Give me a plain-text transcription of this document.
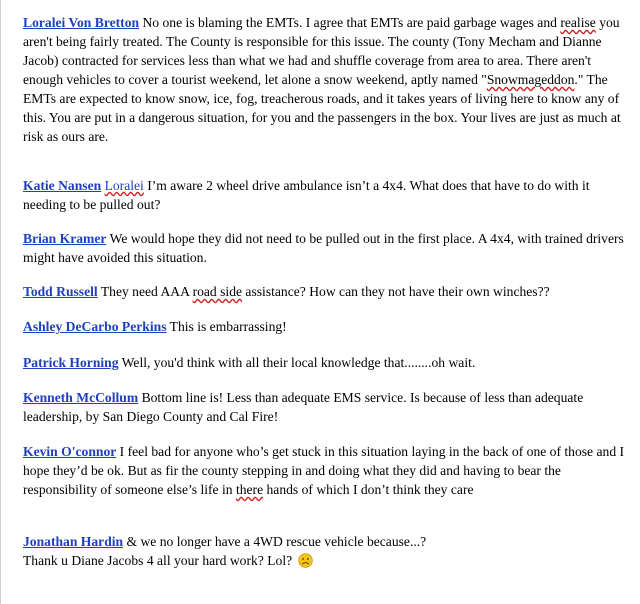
Loralei Von Bretton No one is blaming the EMTs. I agree that EMTs are paid garbage wages and realise you aren't being fairly treated. The County is responsible for this issue. The county (Tony Mecham and Dianne Jacob) contracted for services less than what we had and shuffle coverage from area to area. There aren't enough vehicles to cover a tourist weekend, let alone a snow weekend, aptly named "Snowmageddon." The EMTs are expected to know snow, ice, fog, treacherous roads, and it takes years of living here to know any of this. You are put in a dangerous situation, for you and the passengers in the box. Your lives are just as much at risk as ours are.

Katie Nansen Loralei I’m aware 2 wheel drive ambulance isn’t a 4x4. What does that have to do with it needing to be pulled out?

Brian Kramer We would hope they did not need to be pulled out in the first place. A 4x4, with trained drivers might have avoided this situation.

Todd Russell They need AAA road side assistance? How can they not have their own winches??

Ashley DeCarbo Perkins This is embarrassing!

Patrick Horning Well, you'd think with all their local knowledge that........oh wait.

Kenneth McCollum Bottom line is! Less than adequate EMS service. Is because of less than adequate leadership, by San Diego County and Cal Fire!

Kevin O'connor I feel bad for anyone who’s get stuck in this situation laying in the back of one of those and I hope they’d be ok. But as fir the county stepping in and doing what they did and having to bear the responsibility of someone else’s life in there hands of which I don’t think they care

Jonathan Hardin & we no longer have a 4WD rescue vehicle because...?
Thank u Diane Jacobs 4 all your hard work? Lol?
